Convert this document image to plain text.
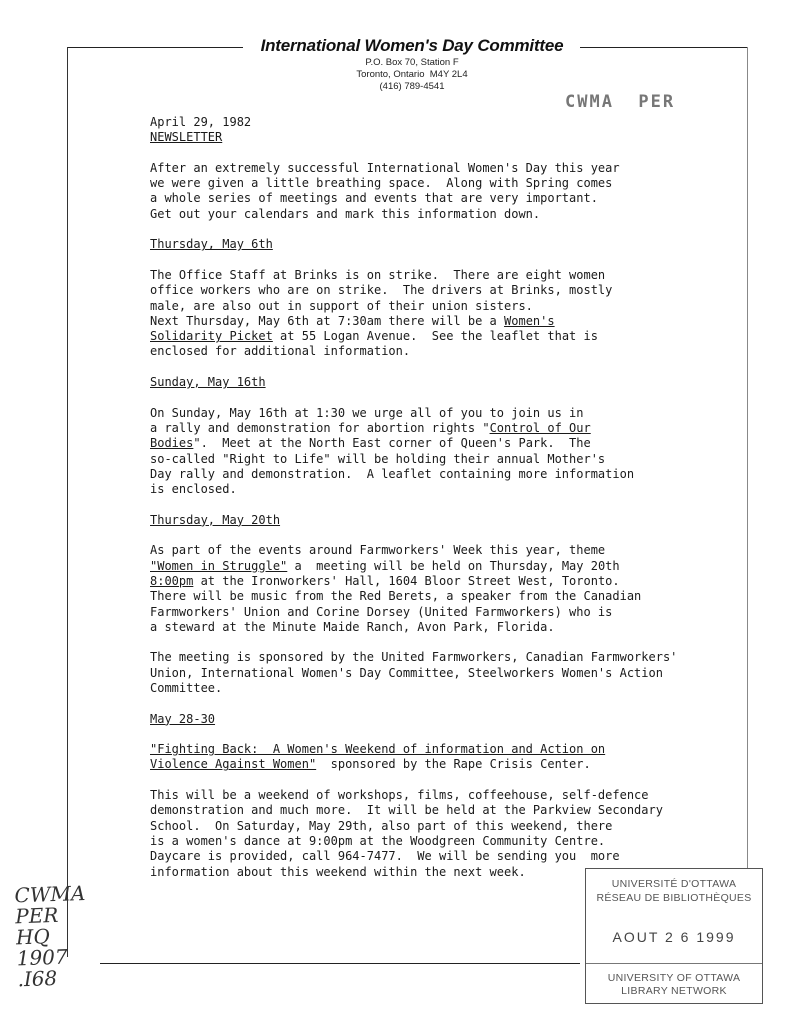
International Women's Day Committee
P.O. Box 70, Station F
Toronto, Ontario  M4Y 2L4
(416) 789-4541
CWMA  PER

April 29, 1982

NEWSLETTER

After an extremely successful International Women's Day this year

we were given a little breathing space.  Along with Spring comes

a whole series of meetings and events that are very important.

Get out your calendars and mark this information down.

Thursday, May 6th

The Office Staff at Brinks is on strike.  There are eight women

office workers who are on strike.  The drivers at Brinks, mostly

male, are also out in support of their union sisters.

Next Thursday, May 6th at 7:30am there will be a Women's

Solidarity Picket at 55 Logan Avenue.  See the leaflet that is

enclosed for additional information.

Sunday, May 16th

On Sunday, May 16th at 1:30 we urge all of you to join us in

a rally and demonstration for abortion rights "Control of Our

Bodies".  Meet at the North East corner of Queen's Park.  The

so-called "Right to Life" will be holding their annual Mother's

Day rally and demonstration.  A leaflet containing more information

is enclosed.

Thursday, May 20th

As part of the events around Farmworkers' Week this year, theme

"Women in Struggle" a  meeting will be held on Thursday, May 20th

8:00pm at the Ironworkers' Hall, 1604 Bloor Street West, Toronto.

There will be music from the Red Berets, a speaker from the Canadian

Farmworkers' Union and Corine Dorsey (United Farmworkers) who is

a steward at the Minute Maide Ranch, Avon Park, Florida.

The meeting is sponsored by the United Farmworkers, Canadian Farmworkers'

Union, International Women's Day Committee, Steelworkers Women's Action

Committee.

May 28-30

"Fighting Back:  A Women's Weekend of information and Action on

Violence Against Women"  sponsored by the Rape Crisis Center.

This will be a weekend of workshops, films, coffeehouse, self-defence

demonstration and much more.  It will be held at the Parkview Secondary

School.  On Saturday, May 29th, also part of this weekend, there

is a women's dance at 9:00pm at the Woodgreen Community Centre.

Daycare is provided, call 964-7477.  We will be sending you  more

information about this weekend within the next week.

CWMA
PER
HQ
1907
.I68
UNIVERSITÉ D'OTTAWA
RÉSEAU DE BIBLIOTHÈQUES
AOUT 2 6 1999
UNIVERSITY OF OTTAWA
LIBRARY NETWORK
